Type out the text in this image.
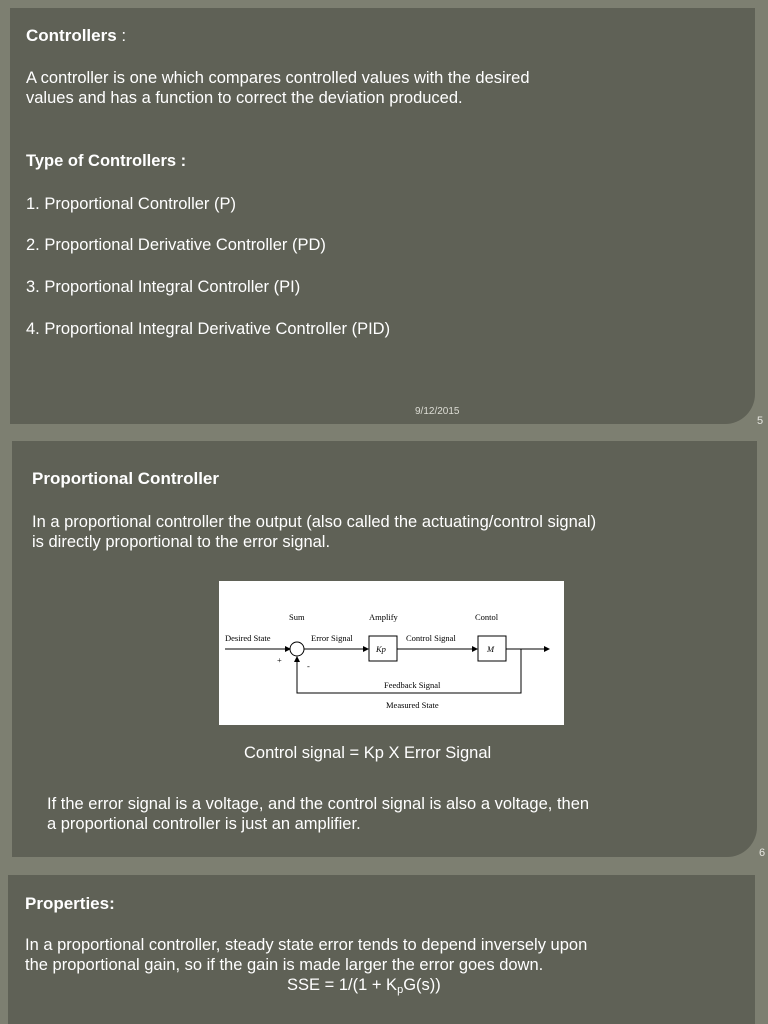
Controllers :
A controller is one which compares controlled values with the desired
values and has a function to correct the deviation produced.
Type of Controllers :
1. Proportional Controller (P)
2. Proportional Derivative Controller (PD)
3. Proportional Integral Controller (PI)
4. Proportional Integral Derivative Controller (PID)
9/12/2015
5
Proportional Controller
In a proportional controller the output (also called the actuating/control signal)
is directly proportional to the error signal.
Sum	Amplify	Contol
Desired State
+
-
Error Signal
Kp
Control Signal
M
Feedback Signal
Measured State
Control signal = Kp X Error Signal
If the error signal is a voltage, and the control signal is also a voltage, then
a proportional controller is just an amplifier.
6
Properties:
In a proportional controller, steady state error tends to depend inversely upon
the proportional gain, so if the gain is made larger the error goes down.
SSE = $1/(1 + K_pG(s))$
